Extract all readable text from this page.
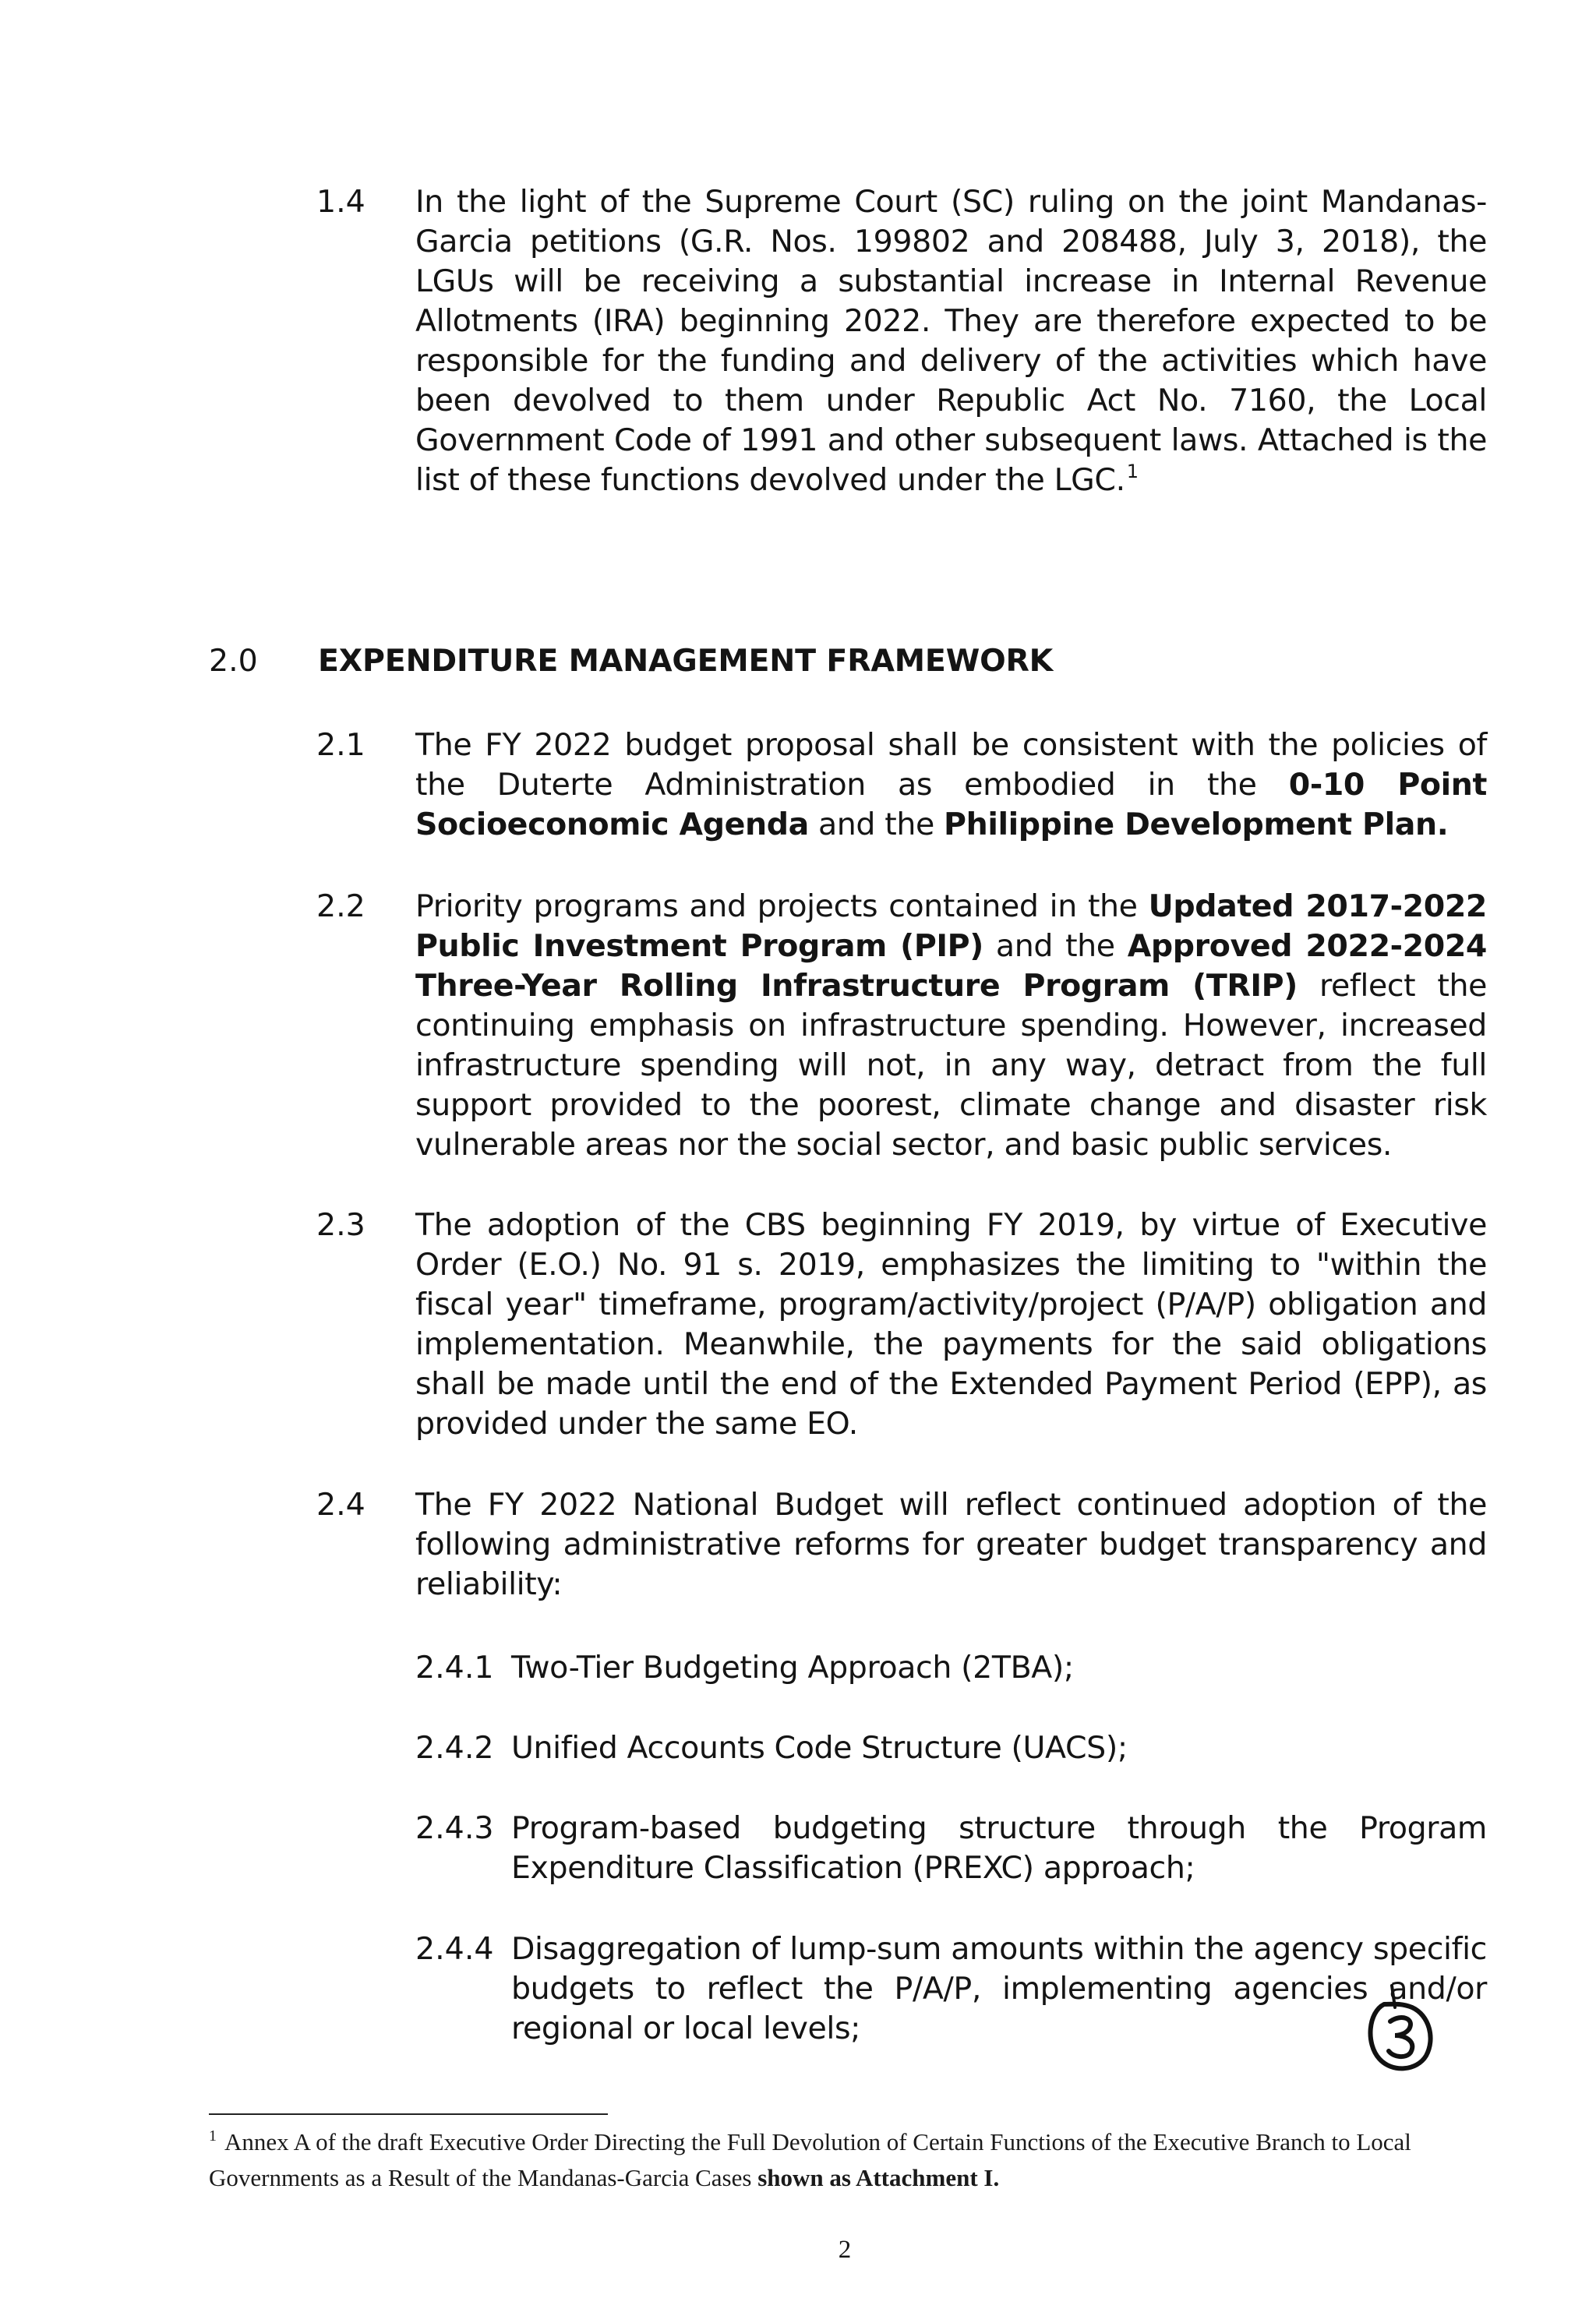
1.4 In the light of the Supreme Court (SC) ruling on the joint Mandanas-Garcia petitions (G.R. Nos. 199802 and 208488, July 3, 2018), the LGUs will be receiving a substantial increase in Internal Revenue Allotments (IRA) beginning 2022. They are therefore expected to be responsible for the funding and delivery of the activities which have been devolved to them under Republic Act No. 7160, the Local Government Code of 1991 and other subsequent laws. Attached is the list of these functions devolved under the LGC.$^1$
2.0 EXPENDITURE MANAGEMENT FRAMEWORK
2.1 The FY 2022 budget proposal shall be consistent with the policies of the Duterte Administration as embodied in the 0-10 Point Socioeconomic Agenda and the Philippine Development Plan.
2.2 Priority programs and projects contained in the Updated 2017-2022 Public Investment Program (PIP) and the Approved 2022-2024 Three-Year Rolling Infrastructure Program (TRIP) reflect the continuing emphasis on infrastructure spending. However, increased infrastructure spending will not, in any way, detract from the full support provided to the poorest, climate change and disaster risk vulnerable areas nor the social sector, and basic public services.
2.3 The adoption of the CBS beginning FY 2019, by virtue of Executive Order (E.O.) No. 91 s. 2019, emphasizes the limiting to "within the fiscal year" timeframe, program/activity/project (P/A/P) obligation and implementation. Meanwhile, the payments for the said obligations shall be made until the end of the Extended Payment Period (EPP), as provided under the same EO.
2.4 The FY 2022 National Budget will reflect continued adoption of the following administrative reforms for greater budget transparency and reliability:
2.4.1 Two-Tier Budgeting Approach (2TBA);
2.4.2 Unified Accounts Code Structure (UACS);
2.4.3 Program-based budgeting structure through the Program Expenditure Classification (PREXC) approach;
2.4.4 Disaggregation of lump-sum amounts within the agency specific budgets to reflect the P/A/P, implementing agencies and/or regional or local levels;
$^1$ Annex A of the draft Executive Order Directing the Full Devolution of Certain Functions of the Executive Branch to Local Governments as a Result of the Mandanas-Garcia Cases shown as Attachment I.
2
